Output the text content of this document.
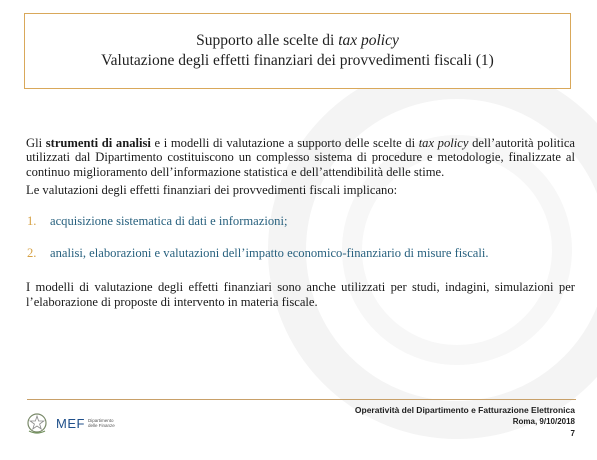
Supporto alle scelte di tax policy
Valutazione degli effetti finanziari dei provvedimenti fiscali (1)

Gli strumenti di analisi e i modelli di valutazione a supporto delle scelte di tax policy dell’autorità politica utilizzati dal Dipartimento costituiscono un complesso sistema di procedure e metodologie, finalizzate al continuo miglioramento dell’informazione statistica e dell’attendibilità delle stime.

Le valutazioni degli effetti finanziari dei provvedimenti fiscali implicano:

1.	acquisizione sistematica di dati e informazioni;
2.	analisi, elaborazioni e valutazioni dell’impatto economico-finanziario di misure fiscali.

I modelli di valutazione degli effetti finanziari sono anche utilizzati per studi, indagini, simulazioni per l’elaborazione di proposte di intervento in materia fiscale.

MEF Dipartimento
delle Finanze
Operatività del Dipartimento e Fatturazione Elettronica
Roma, 9/10/2018
7
